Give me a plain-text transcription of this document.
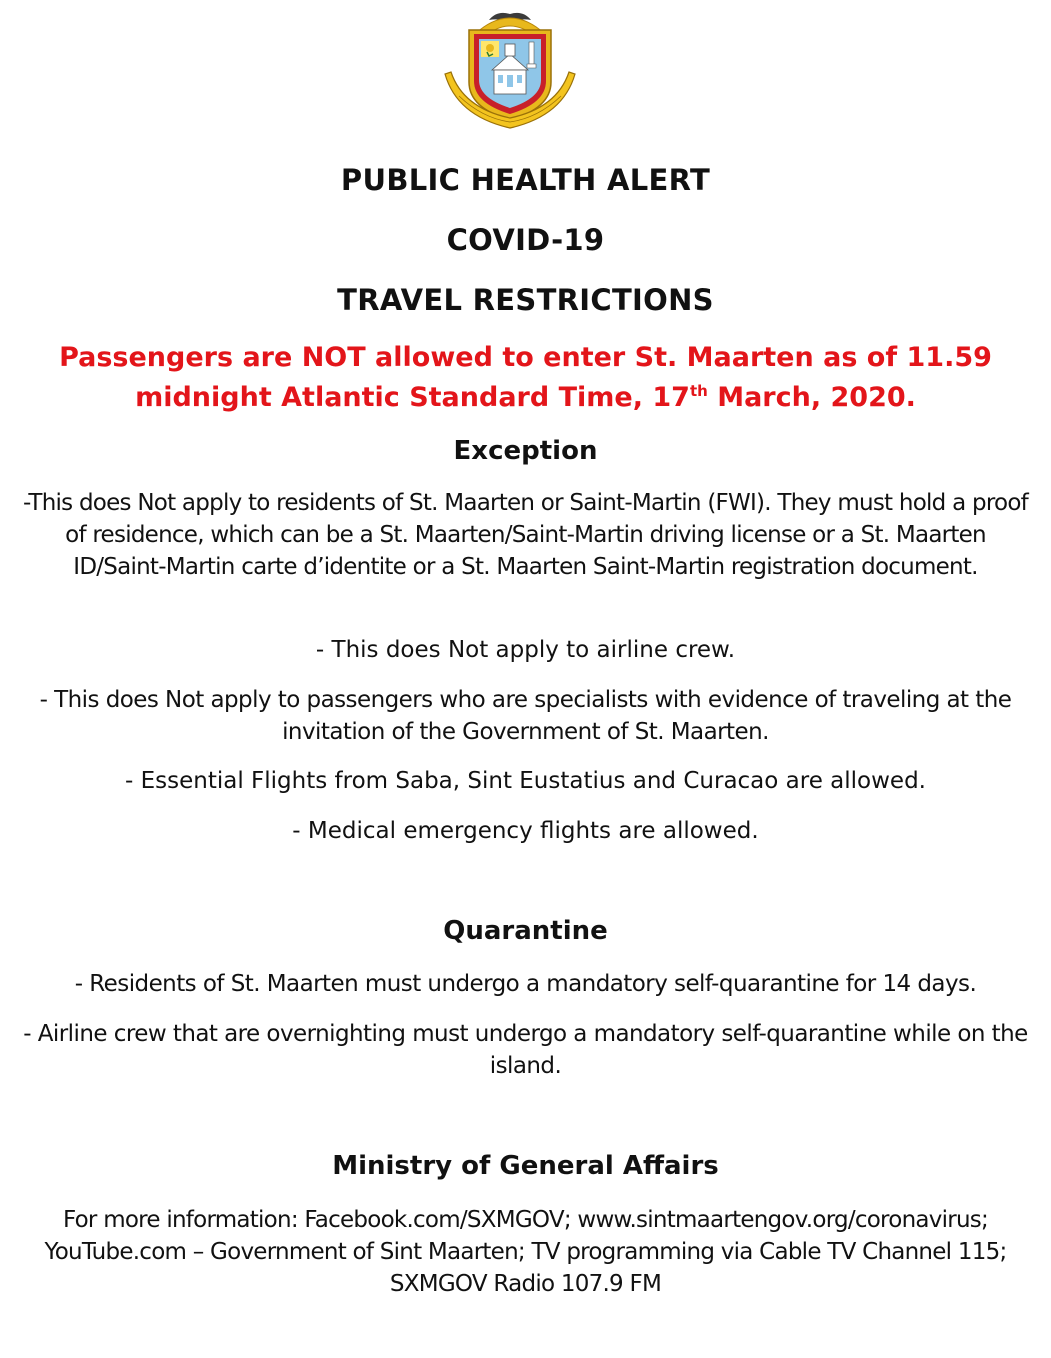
PUBLIC HEALTH ALERT
COVID-19
TRAVEL RESTRICTIONS
Passengers are NOT allowed to enter St. Maarten as of 11.59
midnight Atlantic Standard Time, 17th March, 2020.
Exception
-This does Not apply to residents of St. Maarten or Saint-Martin (FWI). They must hold a proof of residence, which can be a St. Maarten/Saint-Martin driving license or a St. Maarten ID/Saint-Martin carte d’identite or a St. Maarten Saint-Martin registration document.
- This does Not apply to airline crew.
- This does Not apply to passengers who are specialists with evidence of traveling at the invitation of the Government of St. Maarten.
- Essential Flights from Saba, Sint Eustatius and Curacao are allowed.
- Medical emergency flights are allowed.
Quarantine
- Residents of St. Maarten must undergo a mandatory self-quarantine for 14 days.
- Airline crew that are overnighting must undergo a mandatory self-quarantine while on the island.
Ministry of General Affairs
For more information: Facebook.com/SXMGOV; www.sintmaartengov.org/coronavirus; YouTube.com – Government of Sint Maarten; TV programming via Cable TV Channel 115; SXMGOV Radio 107.9 FM
